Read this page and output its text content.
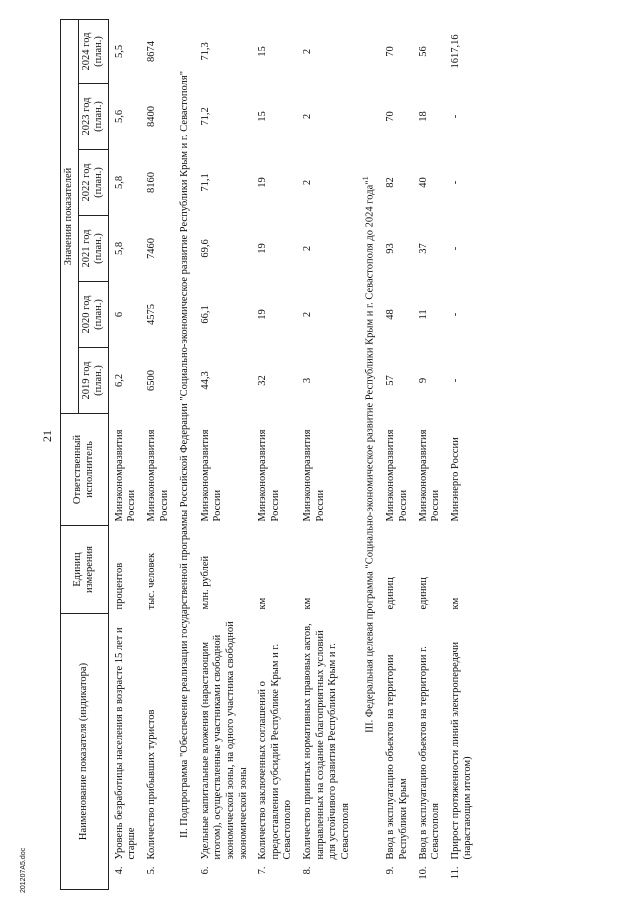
21
201207A5.doc
Наименование показателя (индикатора)		Единиц измерения	Ответственный исполнитель	Значения показателей					
				2019 год (план.)	2020 год (план.)	2021 год (план.)	2022 год (план.)	2023 год (план.)	2024 год (план.)
4.	Уровень безработицы населения в возрасте 15 лет и старше	процентов	Минэкономразвития России	6,2	6	5,8	5,8	5,6	5,5
5.	Количество прибывших туристов	тыс. человек	Минэкономразвития России	6500	4575	7460	8160	8400	8674
II. Подпрограмма "Обеспечение реализации государственной программы Российской Федерации "Социально-экономическое развитие Республики Крым и г. Севастополя"									
6.	Удельные капитальные вложения (нарастающим итогом), осуществленные участниками свободной экономической зоны, на одного участника свободной экономической зоны	млн. рублей	Минэкономразвития России	44,3	66,1	69,6	71,1	71,2	71,3
7.	Количество заключенных соглашений о предоставлении субсидий Республике Крым и г. Севастополю	км	Минэкономразвития России	32	19	19	19	15	15
8.	Количество принятых нормативных правовых актов, направленных на создание благоприятных условий для устойчивого развития Республики Крым и г. Севастополя	км	Минэкономразвития России	3	2	2	2	2	2
III. Федеральная целевая программа "Социально-экономическое развитие Республики Крым и г. Севастополя до 2024 года"$^1$
9.	Ввод в эксплуатацию объектов на территории Республики Крым	единиц	Минэкономразвития России	57	48	93	82	70	70
10.	Ввод в эксплуатацию объектов на территории г. Севастополя	единиц	Минэкономразвития России	9	11	37	40	18	56
11.	Прирост протяженности линий электропередачи (нарастающим итогом)	км	Минэнерго России	-	-	-	-	-	1617,16
